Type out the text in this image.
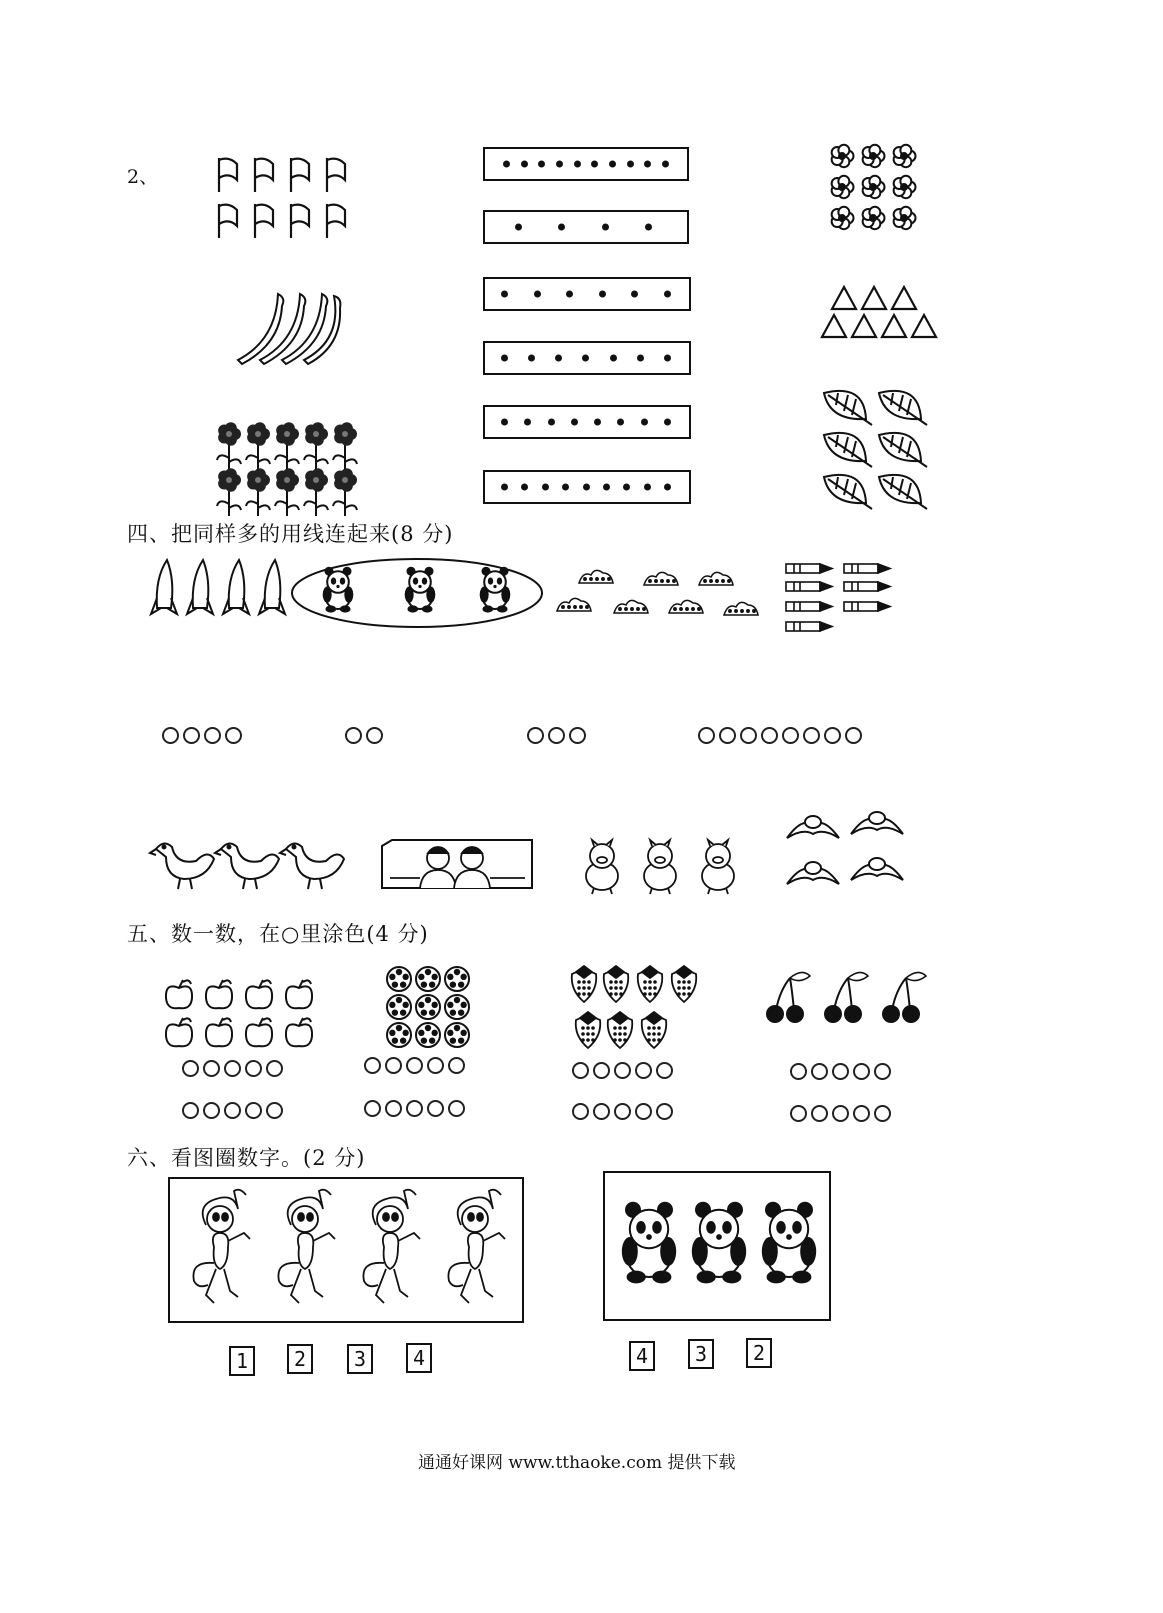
2、
四、把同样多的用线连起来(8 分)
五、数一数，在○里涂色(4 分)
六、看图圈数字。(2 分)
1	2	3	4	4	3	2
通通好课网 www.tthaoke.com 提供下载
